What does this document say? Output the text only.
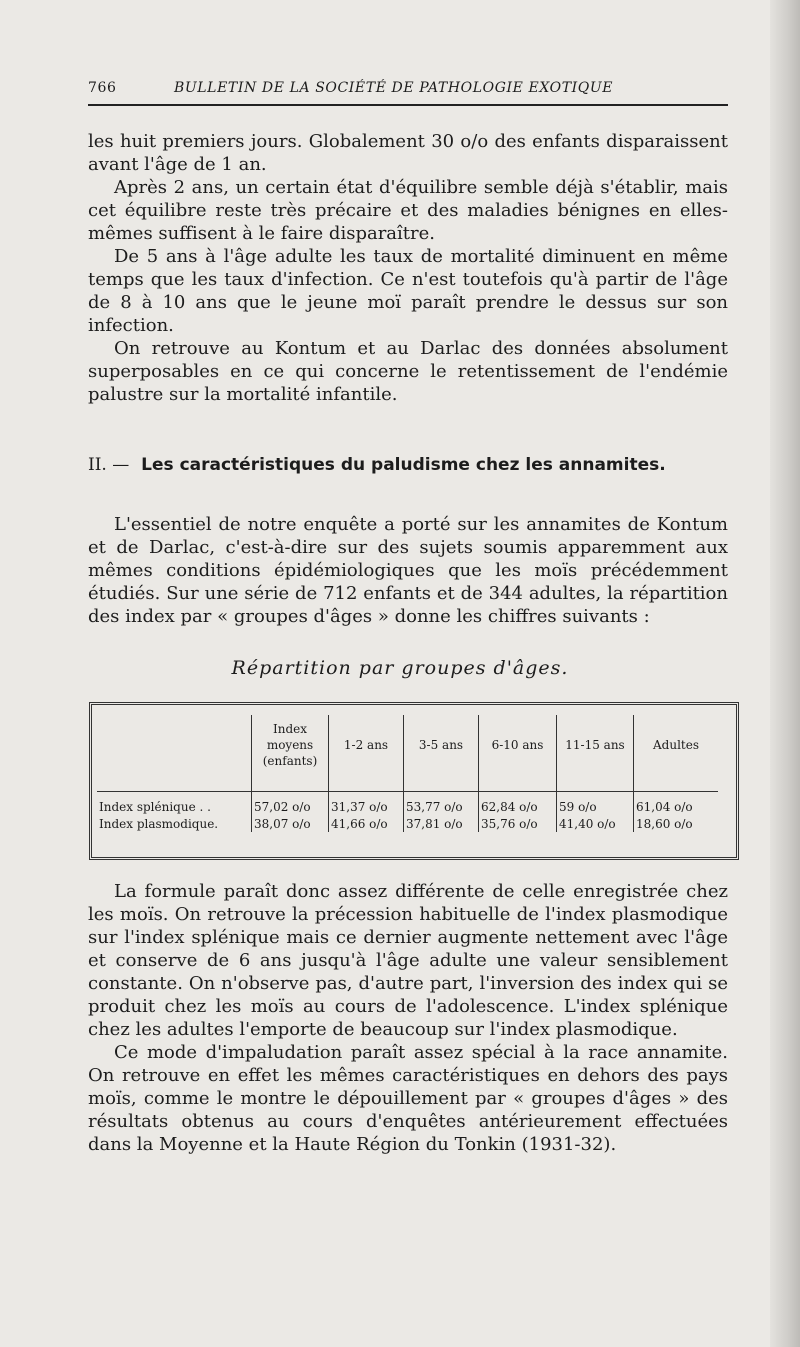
766	BULLETIN DE LA SOCIÉTÉ DE PATHOLOGIE EXOTIQUE

les huit premiers jours. Globalement 30 o/o des enfants disparaissent avant l'âge de 1 an.

Après 2 ans, un certain état d'équilibre semble déjà s'établir, mais cet équilibre reste très précaire et des maladies bénignes en elles-mêmes suffisent à le faire disparaître.

De 5 ans à l'âge adulte les taux de mortalité diminuent en même temps que les taux d'infection. Ce n'est toutefois qu'à partir de l'âge de 8 à 10 ans que le jeune moï paraît prendre le dessus sur son infection.

On retrouve au Kontum et au Darlac des données absolument superposables en ce qui concerne le retentissement de l'endémie palustre sur la mortalité infantile.

II. — Les caractéristiques du paludisme chez les annamites.

L'essentiel de notre enquête a porté sur les annamites de Kontum et de Darlac, c'est-à-dire sur des sujets soumis apparemment aux mêmes conditions épidémiologiques que les moïs précédemment étudiés. Sur une série de 712 enfants et de 344 adultes, la répartition des index par « groupes d'âges » donne les chiffres suivants :

Répartition par groupes d'âges.
	Index moyens (enfants)	1-2 ans	3-5 ans	6-10 ans	11-15 ans	Adultes

Index splénique . .	57,02 o/o	31,37 o/o	53,77 o/o	62,84 o/o	59 o/o	61,04 o/o
Index plasmodique.	38,07 o/o	41,66 o/o	37,81 o/o	35,76 o/o	41,40 o/o	18,60 o/o

La formule paraît donc assez différente de celle enregistrée chez les moïs. On retrouve la précession habituelle de l'index plasmodique sur l'index splénique mais ce dernier augmente nettement avec l'âge et conserve de 6 ans jusqu'à l'âge adulte une valeur sensiblement constante. On n'observe pas, d'autre part, l'inversion des index qui se produit chez les moïs au cours de l'adolescence. L'index splénique chez les adultes l'emporte de beaucoup sur l'index plasmodique.

Ce mode d'impaludation paraît assez spécial à la race annamite. On retrouve en effet les mêmes caractéristiques en dehors des pays moïs, comme le montre le dépouillement par « groupes d'âges » des résultats obtenus au cours d'enquêtes antérieurement effectuées dans la Moyenne et la Haute Région du Tonkin (1931-32).
